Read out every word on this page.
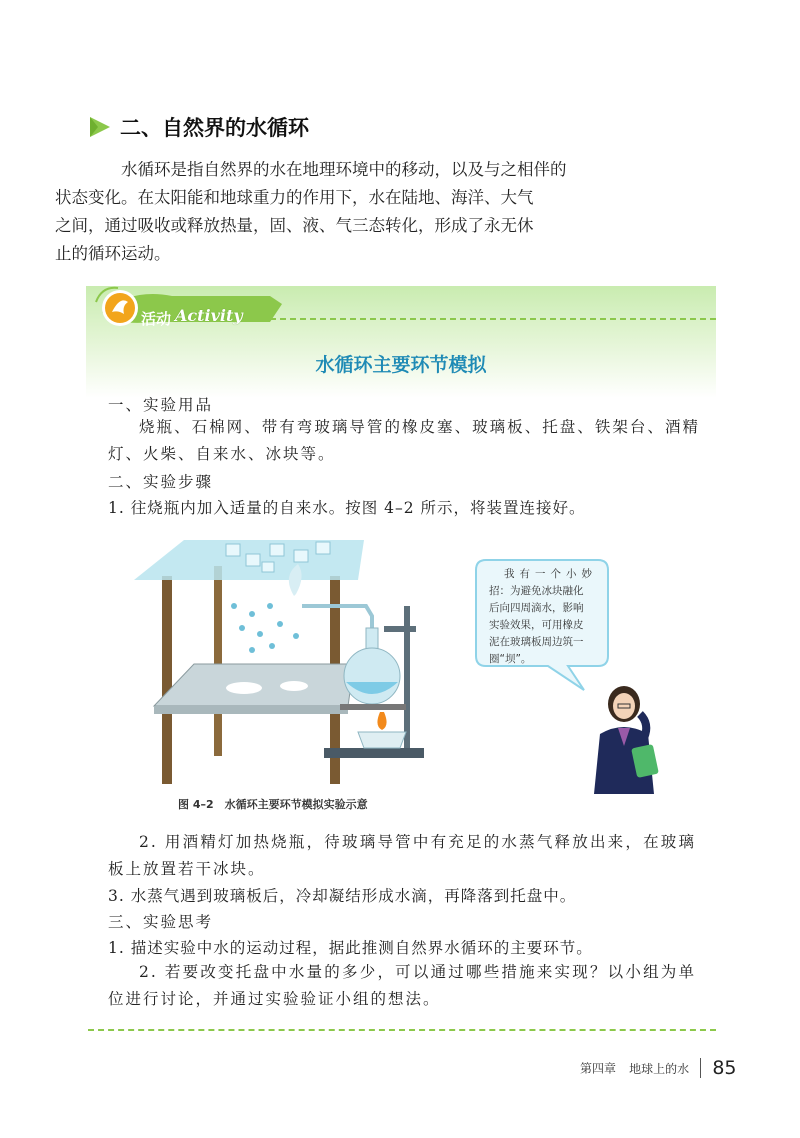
二、自然界的水循环

水循环是指自然界的水在地理环境中的移动，以及与之相伴的
状态变化。在太阳能和地球重力的作用下，水在陆地、海洋、大气
之间，通过吸收或释放热量，固、液、气三态转化，形成了永无休
止的循环运动。

活动 Activity
水循环主要环节模拟
一、实验用品

烧瓶、石棉网、带有弯玻璃导管的橡皮塞、玻璃板、托盘、铁架台、酒精灯、火柴、自来水、冰块等。

二、实验步骤
1. 往烧瓶内加入适量的自来水。按图 4–2 所示，将装置连接好。
图 4–2　水循环主要环节模拟实验示意
我有一个小妙
招：为避免冰块融化
后向四周滴水，影响
实验效果，可用橡皮
泥在玻璃板周边筑一
圈“坝”。

2. 用酒精灯加热烧瓶，待玻璃导管中有充足的水蒸气释放出来，在玻璃板上放置若干冰块。

3. 水蒸气遇到玻璃板后，冷却凝结形成水滴，再降落到托盘中。
三、实验思考
1. 描述实验中水的运动过程，据此推测自然界水循环的主要环节。

2. 若要改变托盘中水量的多少，可以通过哪些措施来实现？以小组为单位进行讨论，并通过实验验证小组的想法。

第四章 地球上的水 85
